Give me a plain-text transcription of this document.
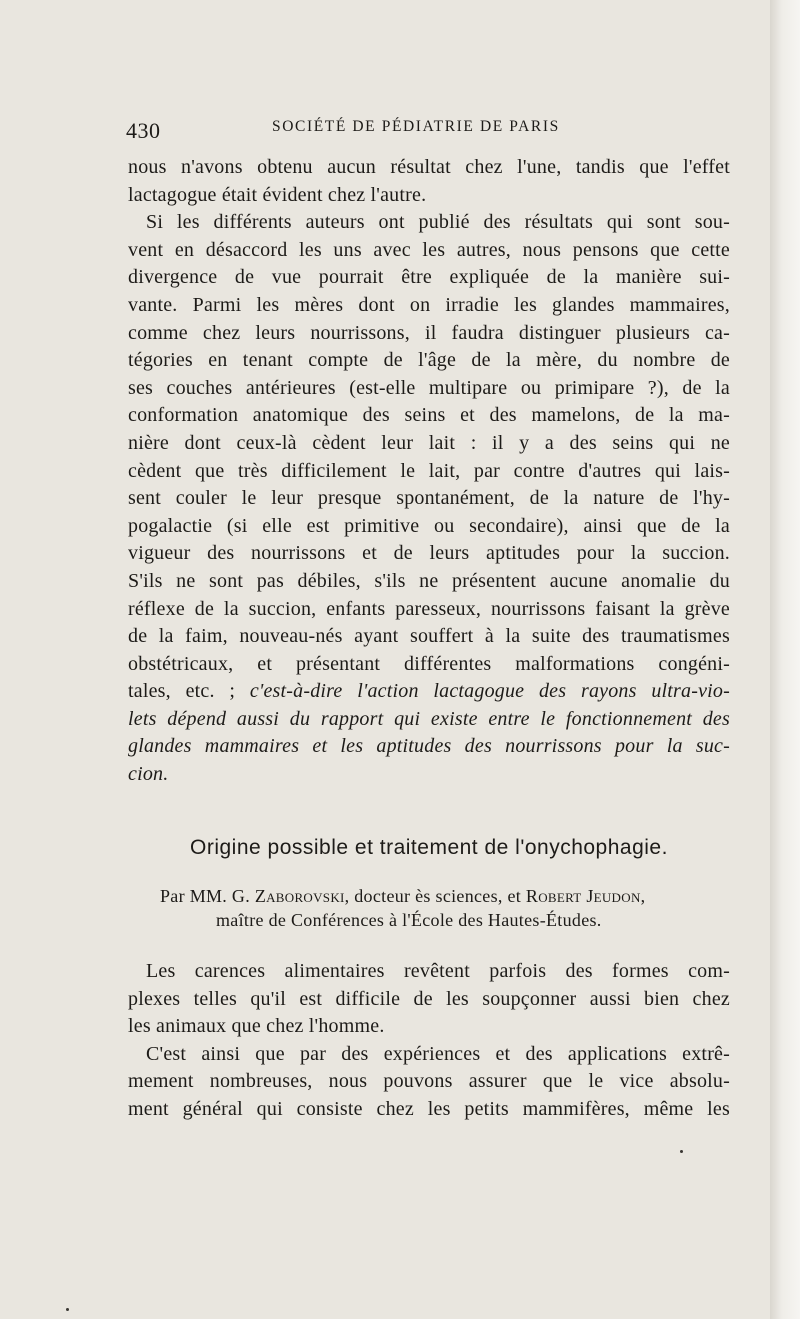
430	SOCIÉTÉ DE PÉDIATRIE DE PARIS
nous n'avons obtenu aucun résultat chez l'une, tandis que l'effet
lactagogue était évident chez l'autre.
Si les différents auteurs ont publié des résultats qui sont sou-
vent en désaccord les uns avec les autres, nous pensons que cette
divergence de vue pourrait être expliquée de la manière sui-
vante. Parmi les mères dont on irradie les glandes mammaires,
comme chez leurs nourrissons, il faudra distinguer plusieurs ca-
tégories en tenant compte de l'âge de la mère, du nombre de
ses couches antérieures (est-elle multipare ou primipare ?), de la
conformation anatomique des seins et des mamelons, de la ma-
nière dont ceux-là cèdent leur lait : il y a des seins qui ne
cèdent que très difficilement le lait, par contre d'autres qui lais-
sent couler le leur presque spontanément, de la nature de l'hy-
pogalactie (si elle est primitive ou secondaire), ainsi que de la
vigueur des nourrissons et de leurs aptitudes pour la succion.
S'ils ne sont pas débiles, s'ils ne présentent aucune anomalie du
réflexe de la succion, enfants paresseux, nourrissons faisant la grève
de la faim, nouveau-nés ayant souffert à la suite des traumatismes
obstétricaux, et présentant différentes malformations congéni-
tales, etc. ; c'est-à-dire l'action lactagogue des rayons ultra-vio-
lets dépend aussi du rapport qui existe entre le fonctionnement des
glandes mammaires et les aptitudes des nourrissons pour la suc-
cion.
Origine possible et traitement de l'onychophagie.
Par MM. G. Zaborovski, docteur ès sciences, et Robert Jeudon,
maître de Conférences à l'École des Hautes-Études.
Les carences alimentaires revêtent parfois des formes com-
plexes telles qu'il est difficile de les soupçonner aussi bien chez
les animaux que chez l'homme.
C'est ainsi que par des expériences et des applications extrê-
mement nombreuses, nous pouvons assurer que le vice absolu-
ment général qui consiste chez les petits mammifères, même les
